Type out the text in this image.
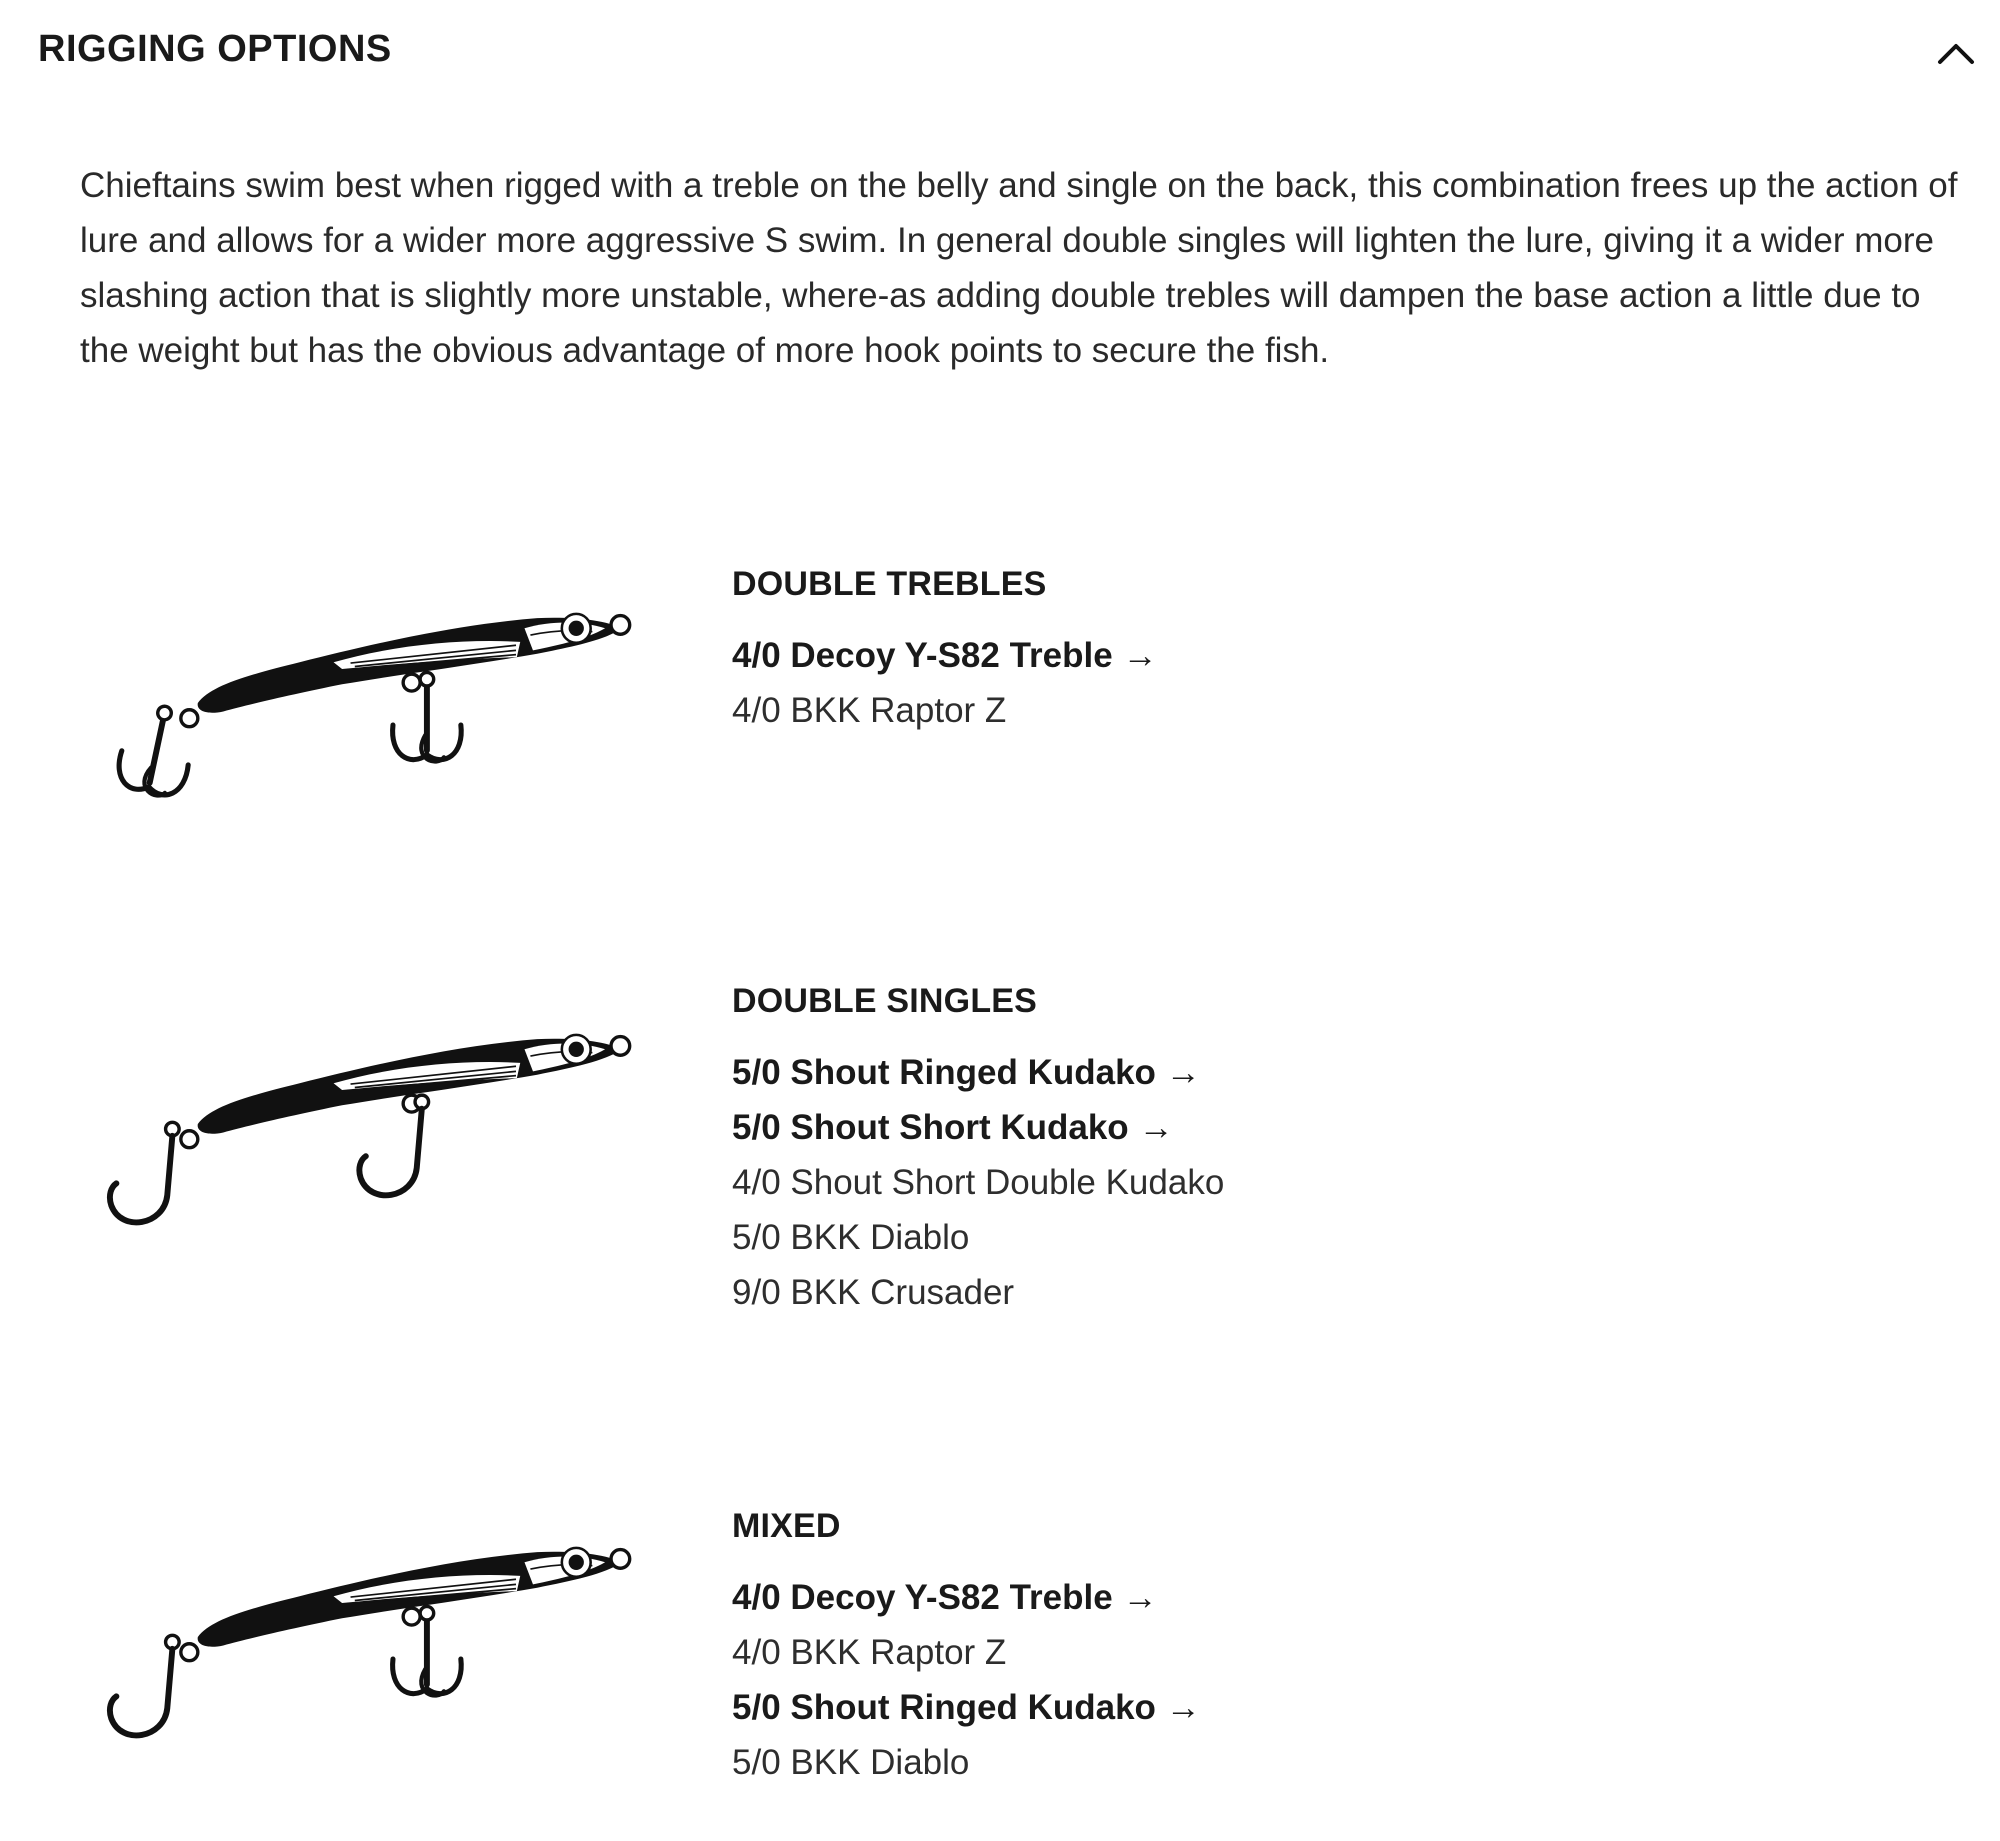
RIGGING OPTIONS

Chieftains swim best when rigged with a treble on the belly and single on the back, this combination frees up the action of lure and allows for a wider more aggressive S swim. In general double singles will lighten the lure, giving it a wider more slashing action that is slightly more unstable, where-as adding double trebles will dampen the base action a little due to the weight but has the obvious advantage of more hook points to secure the fish.

DOUBLE TREBLES
4/0 Decoy Y-S82 Treble →
4/0 BKK Raptor Z
DOUBLE SINGLES
5/0 Shout Ringed Kudako →
5/0 Shout Short Kudako →
4/0 Shout Short Double Kudako
5/0 BKK Diablo
9/0 BKK Crusader
MIXED
4/0 Decoy Y-S82 Treble →
4/0 BKK Raptor Z
5/0 Shout Ringed Kudako →
5/0 BKK Diablo
